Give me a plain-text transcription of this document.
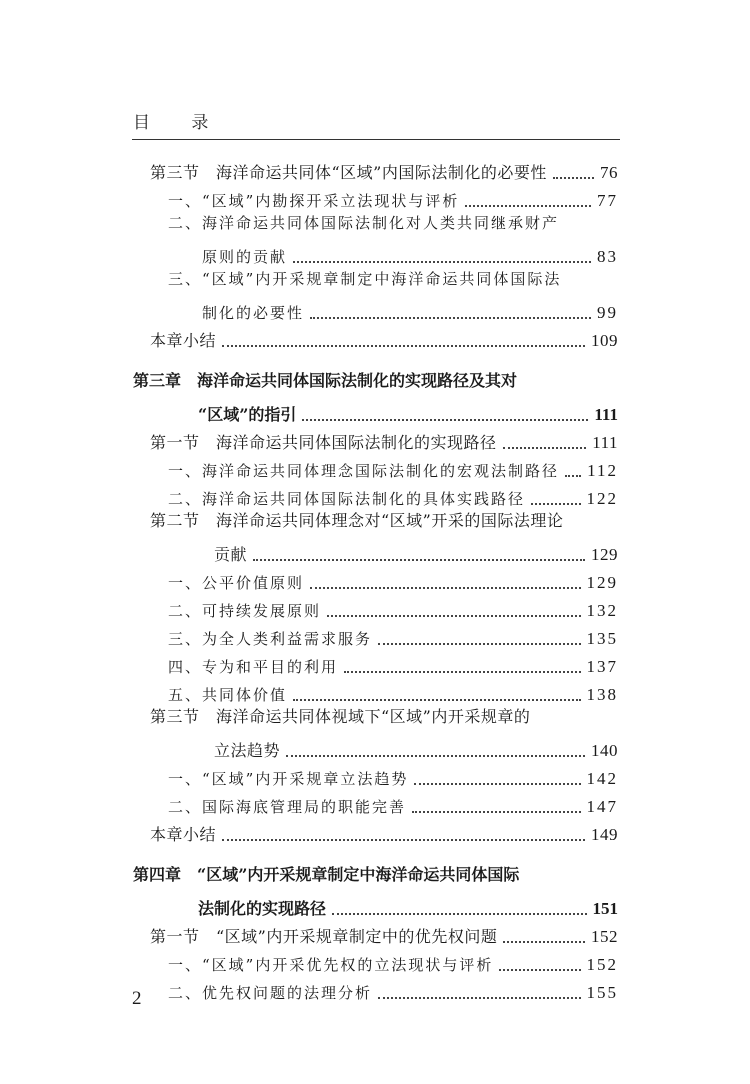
目 录
第三节　海洋命运共同体“区域”内国际法制化的必要性	76
一、“区域”内勘探开采立法现状与评析	77
二、海洋命运共同体国际法制化对人类共同继承财产
原则的贡献	83
三、“区域”内开采规章制定中海洋命运共同体国际法
制化的必要性	99
本章小结	109
第三章　海洋命运共同体国际法制化的实现路径及其对
“区域”的指引	111
第一节　海洋命运共同体国际法制化的实现路径	111
一、海洋命运共同体理念国际法制化的宏观法制路径 112
二、海洋命运共同体国际法制化的具体实践路径	122
第二节　海洋命运共同体理念对“区域”开采的国际法理论
贡献	129
一、公平价值原则	129
二、可持续发展原则	132
三、为全人类利益需求服务	135
四、专为和平目的利用	137
五、共同体价值	138
第三节　海洋命运共同体视域下“区域”内开采规章的
立法趋势	140
一、“区域”内开采规章立法趋势	142
二、国际海底管理局的职能完善	147
本章小结	149
第四章　“区域”内开采规章制定中海洋命运共同体国际
法制化的实现路径	151
第一节　“区域”内开采规章制定中的优先权问题	152
一、“区域”内开采优先权的立法现状与评析	152
二、优先权问题的法理分析	155
2
